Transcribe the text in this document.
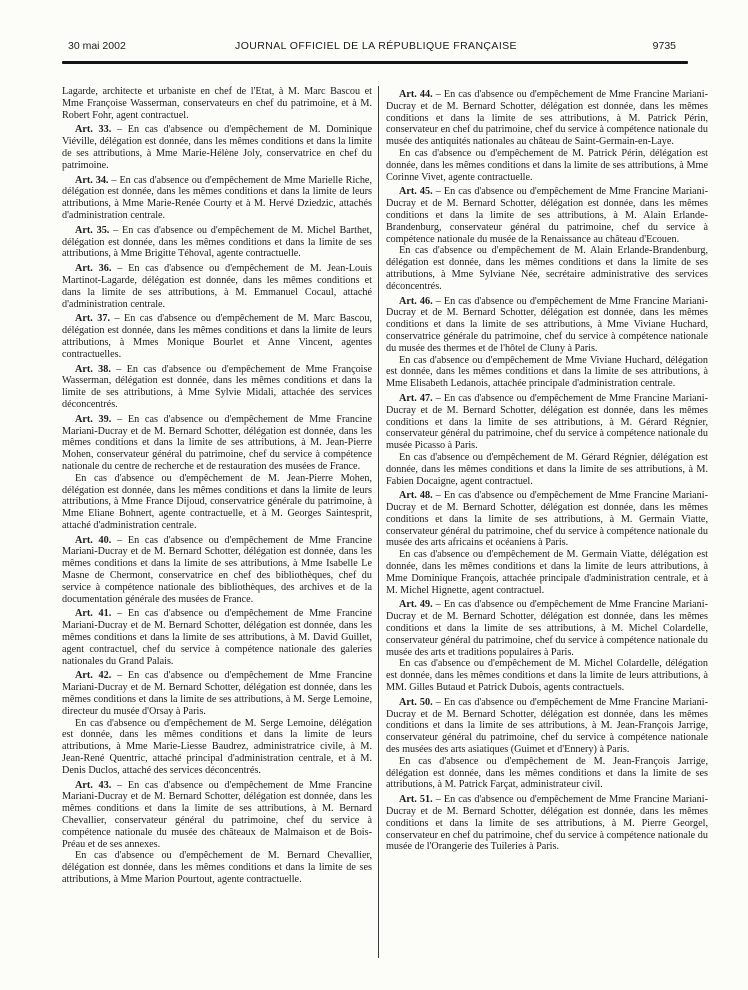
30 mai 2002	JOURNAL OFFICIEL DE LA RÉPUBLIQUE FRANÇAISE	9735

Lagarde, architecte et urbaniste en chef de l'Etat, à M. Marc Bascou et Mme Françoise Wasserman, conservateurs en chef du patrimoine, et à M. Robert Fohr, agent contractuel.

Art. 33. – En cas d'absence ou d'empêchement de M. Dominique Viéville, délégation est donnée, dans les mêmes conditions et dans la limite de ses attributions, à Mme Marie-Hélène Joly, conservatrice en chef du patrimoine.

Art. 34. – En cas d'absence ou d'empêchement de Mme Marielle Riche, délégation est donnée, dans les mêmes conditions et dans la limite de leurs attributions, à Mme Marie-Renée Courty et à M. Hervé Dziedzic, attachés d'administration centrale.

Art. 35. – En cas d'absence ou d'empêchement de M. Michel Barthet, délégation est donnée, dans les mêmes conditions et dans la limite de ses attributions, à Mme Brigitte Téhoval, agente contractuelle.

Art. 36. – En cas d'absence ou d'empêchement de M. Jean-Louis Martinot-Lagarde, délégation est donnée, dans les mêmes conditions et dans la limite de ses attributions, à M. Emmanuel Cocaul, attaché d'administration centrale.

Art. 37. – En cas d'absence ou d'empêchement de M. Marc Bascou, délégation est donnée, dans les mêmes conditions et dans la limite de leurs attributions, à Mmes Monique Bourlet et Anne Vincent, agentes contractuelles.

Art. 38. – En cas d'absence ou d'empêchement de Mme Françoise Wasserman, délégation est donnée, dans les mêmes conditions et dans la limite de ses attributions, à Mme Sylvie Midali, attachée des services déconcentrés.

Art. 39. – En cas d'absence ou d'empêchement de Mme Francine Mariani-Ducray et de M. Bernard Schotter, délégation est donnée, dans les mêmes conditions et dans la limite de ses attributions, à M. Jean-Pierre Mohen, conservateur général du patrimoine, chef du service à compétence nationale du centre de recherche et de restauration des musées de France.

En cas d'absence ou d'empêchement de M. Jean-Pierre Mohen, délégation est donnée, dans les mêmes conditions et dans la limite de leurs attributions, à Mme France Dijoud, conservatrice générale du patrimoine, à Mme Eliane Bohnert, agente contractuelle, et à M. Georges Saintesprit, attaché d'administration centrale.

Art. 40. – En cas d'absence ou d'empêchement de Mme Francine Mariani-Ducray et de M. Bernard Schotter, délégation est donnée, dans les mêmes conditions et dans la limite de ses attributions, à Mme Isabelle Le Masne de Chermont, conservatrice en chef des bibliothèques, chef du service à compétence nationale des bibliothèques, des archives et de la documentation générale des musées de France.

Art. 41. – En cas d'absence ou d'empêchement de Mme Francine Mariani-Ducray et de M. Bernard Schotter, délégation est donnée, dans les mêmes conditions et dans la limite de ses attributions, à M. David Guillet, agent contractuel, chef du service à compétence nationale des galeries nationales du Grand Palais.

Art. 42. – En cas d'absence ou d'empêchement de Mme Francine Mariani-Ducray et de M. Bernard Schotter, délégation est donnée, dans les mêmes conditions et dans la limite de ses attributions, à M. Serge Lemoine, directeur du musée d'Orsay à Paris.

En cas d'absence ou d'empêchement de M. Serge Lemoine, délégation est donnée, dans les mêmes conditions et dans la limite de leurs attributions, à Mme Marie-Liesse Baudrez, administratrice civile, à M. Jean-René Quentric, attaché principal d'administration centrale, et à M. Denis Duclos, attaché des services déconcentrés.

Art. 43. – En cas d'absence ou d'empêchement de Mme Francine Mariani-Ducray et de M. Bernard Schotter, délégation est donnée, dans les mêmes conditions et dans la limite de ses attributions, à M. Bernard Chevallier, conservateur général du patrimoine, chef du service à compétence nationale du musée des châteaux de Malmaison et de Bois-Préau et de ses annexes.

En cas d'absence ou d'empêchement de M. Bernard Chevallier, délégation est donnée, dans les mêmes conditions et dans la limite de ses attributions, à Mme Marion Pourtout, agente contractuelle.

Art. 44. – En cas d'absence ou d'empêchement de Mme Francine Mariani-Ducray et de M. Bernard Schotter, délégation est donnée, dans les mêmes conditions et dans la limite de ses attributions, à M. Patrick Périn, conservateur en chef du patrimoine, chef du service à compétence nationale du musée des antiquités nationales au château de Saint-Germain-en-Laye.

En cas d'absence ou d'empêchement de M. Patrick Périn, délégation est donnée, dans les mêmes conditions et dans la limite de ses attributions, à Mme Corinne Vivet, agente contractuelle.

Art. 45. – En cas d'absence ou d'empêchement de Mme Francine Mariani-Ducray et de M. Bernard Schotter, délégation est donnée, dans les mêmes conditions et dans la limite de ses attributions, à M. Alain Erlande-Brandenburg, conservateur général du patrimoine, chef du service à compétence nationale du musée de la Renaissance au château d'Ecouen.

En cas d'absence ou d'empêchement de M. Alain Erlande-Brandenburg, délégation est donnée, dans les mêmes conditions et dans la limite de ses attributions, à Mme Sylviane Née, secrétaire administrative des services déconcentrés.

Art. 46. – En cas d'absence ou d'empêchement de Mme Francine Mariani-Ducray et de M. Bernard Schotter, délégation est donnée, dans les mêmes conditions et dans la limite de ses attributions, à Mme Viviane Huchard, conservatrice générale du patrimoine, chef du service à compétence nationale du musée des thermes et de l'hôtel de Cluny à Paris.

En cas d'absence ou d'empêchement de Mme Viviane Huchard, délégation est donnée, dans les mêmes conditions et dans la limite de ses attributions, à Mme Elisabeth Ledanois, attachée principale d'administration centrale.

Art. 47. – En cas d'absence ou d'empêchement de Mme Francine Mariani-Ducray et de M. Bernard Schotter, délégation est donnée, dans les mêmes conditions et dans la limite de ses attributions, à M. Gérard Régnier, conservateur général du patrimoine, chef du service à compétence nationale du musée Picasso à Paris.

En cas d'absence ou d'empêchement de M. Gérard Régnier, délégation est donnée, dans les mêmes conditions et dans la limite de ses attributions, à M. Fabien Docaigne, agent contractuel.

Art. 48. – En cas d'absence ou d'empêchement de Mme Francine Mariani-Ducray et de M. Bernard Schotter, délégation est donnée, dans les mêmes conditions et dans la limite de ses attributions, à M. Germain Viatte, conservateur général du patrimoine, chef du service à compétence nationale du musée des arts africains et océaniens à Paris.

En cas d'absence ou d'empêchement de M. Germain Viatte, délégation est donnée, dans les mêmes conditions et dans la limite de leurs attributions, à Mme Dominique François, attachée principale d'administration centrale, et à M. Michel Hignette, agent contractuel.

Art. 49. – En cas d'absence ou d'empêchement de Mme Francine Mariani-Ducray et de M. Bernard Schotter, délégation est donnée, dans les mêmes conditions et dans la limite de ses attributions, à M. Michel Colardelle, conservateur général du patrimoine, chef du service à compétence nationale du musée des arts et traditions populaires à Paris.

En cas d'absence ou d'empêchement de M. Michel Colardelle, délégation est donnée, dans les mêmes conditions et dans la limite de leurs attributions, à MM. Gilles Butaud et Patrick Dubois, agents contractuels.

Art. 50. – En cas d'absence ou d'empêchement de Mme Francine Mariani-Ducray et de M. Bernard Schotter, délégation est donnée, dans les mêmes conditions et dans la limite de ses attributions, à M. Jean-François Jarrige, conservateur général du patrimoine, chef du service à compétence nationale des musées des arts asiatiques (Guimet et d'Ennery) à Paris.

En cas d'absence ou d'empêchement de M. Jean-François Jarrige, délégation est donnée, dans les mêmes conditions et dans la limite de ses attributions, à M. Patrick Farçat, administrateur civil.

Art. 51. – En cas d'absence ou d'empêchement de Mme Francine Mariani-Ducray et de M. Bernard Schotter, délégation est donnée, dans les mêmes conditions et dans la limite de ses attributions, à M. Pierre Georgel, conservateur en chef du patrimoine, chef du service à compétence nationale du musée de l'Orangerie des Tuileries à Paris.
